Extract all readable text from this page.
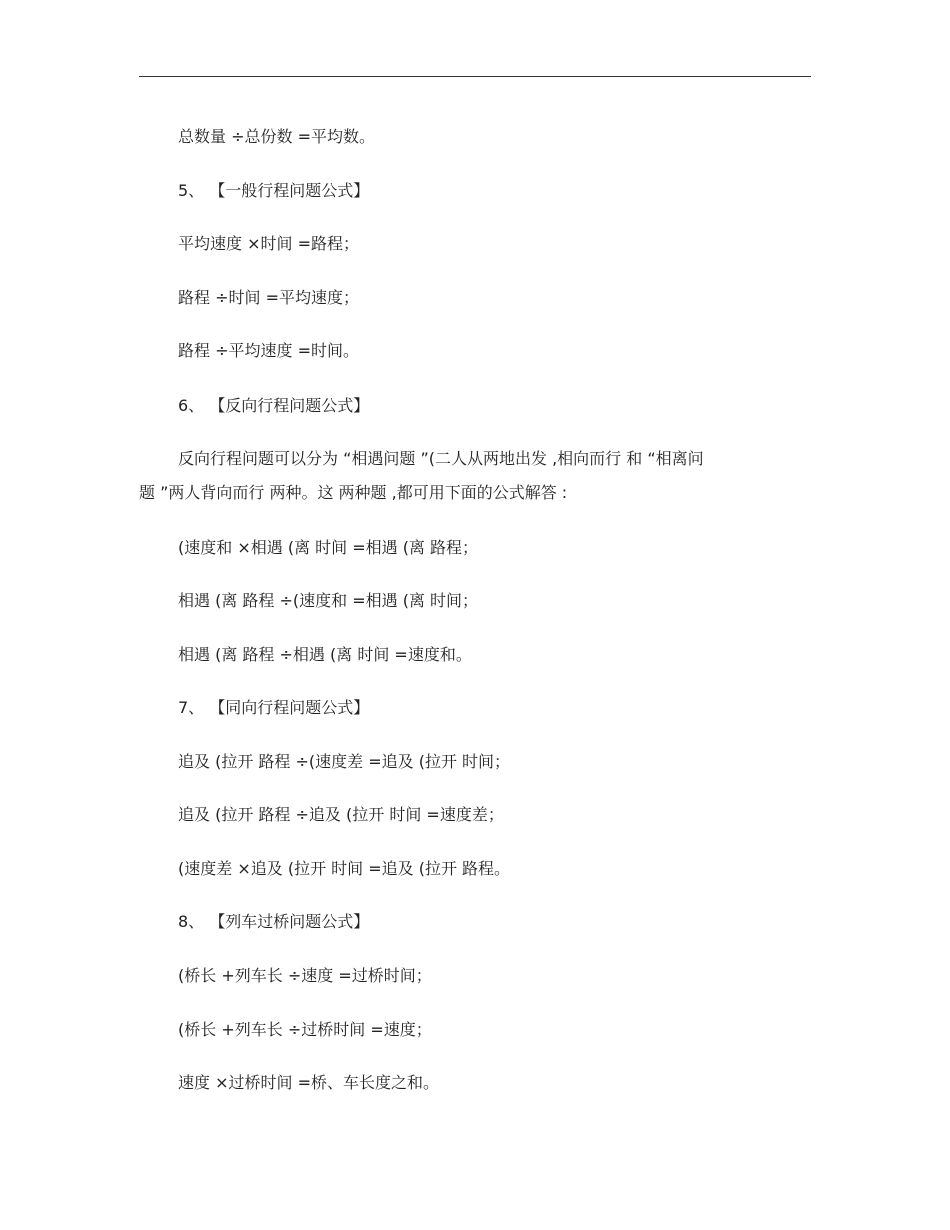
总数量 ÷总份数 =平均数。
5、 【一般行程问题公式】
平均速度 ×时间 =路程；
路程 ÷时间 =平均速度；
路程 ÷平均速度 =时间。
6、 【反向行程问题公式】
反向行程问题可以分为 “相遇问题 ”(二人从两地出发 ,相向而行 和 “相离问
题 ”两人背向而行 两种。这 两种题 ,都可用下面的公式解答 :
(速度和 ×相遇 (离 时间 =相遇 (离 路程；
相遇 (离 路程 ÷(速度和 =相遇 (离 时间；
相遇 (离 路程 ÷相遇 (离 时间 =速度和。
7、 【同向行程问题公式】
追及 (拉开 路程 ÷(速度差 =追及 (拉开 时间；
追及 (拉开 路程 ÷追及 (拉开 时间 =速度差；
(速度差 ×追及 (拉开 时间 =追及 (拉开 路程。
8、 【列车过桥问题公式】
(桥长 +列车长 ÷速度 =过桥时间；
(桥长 +列车长 ÷过桥时间 =速度；
速度 ×过桥时间 =桥、车长度之和。
